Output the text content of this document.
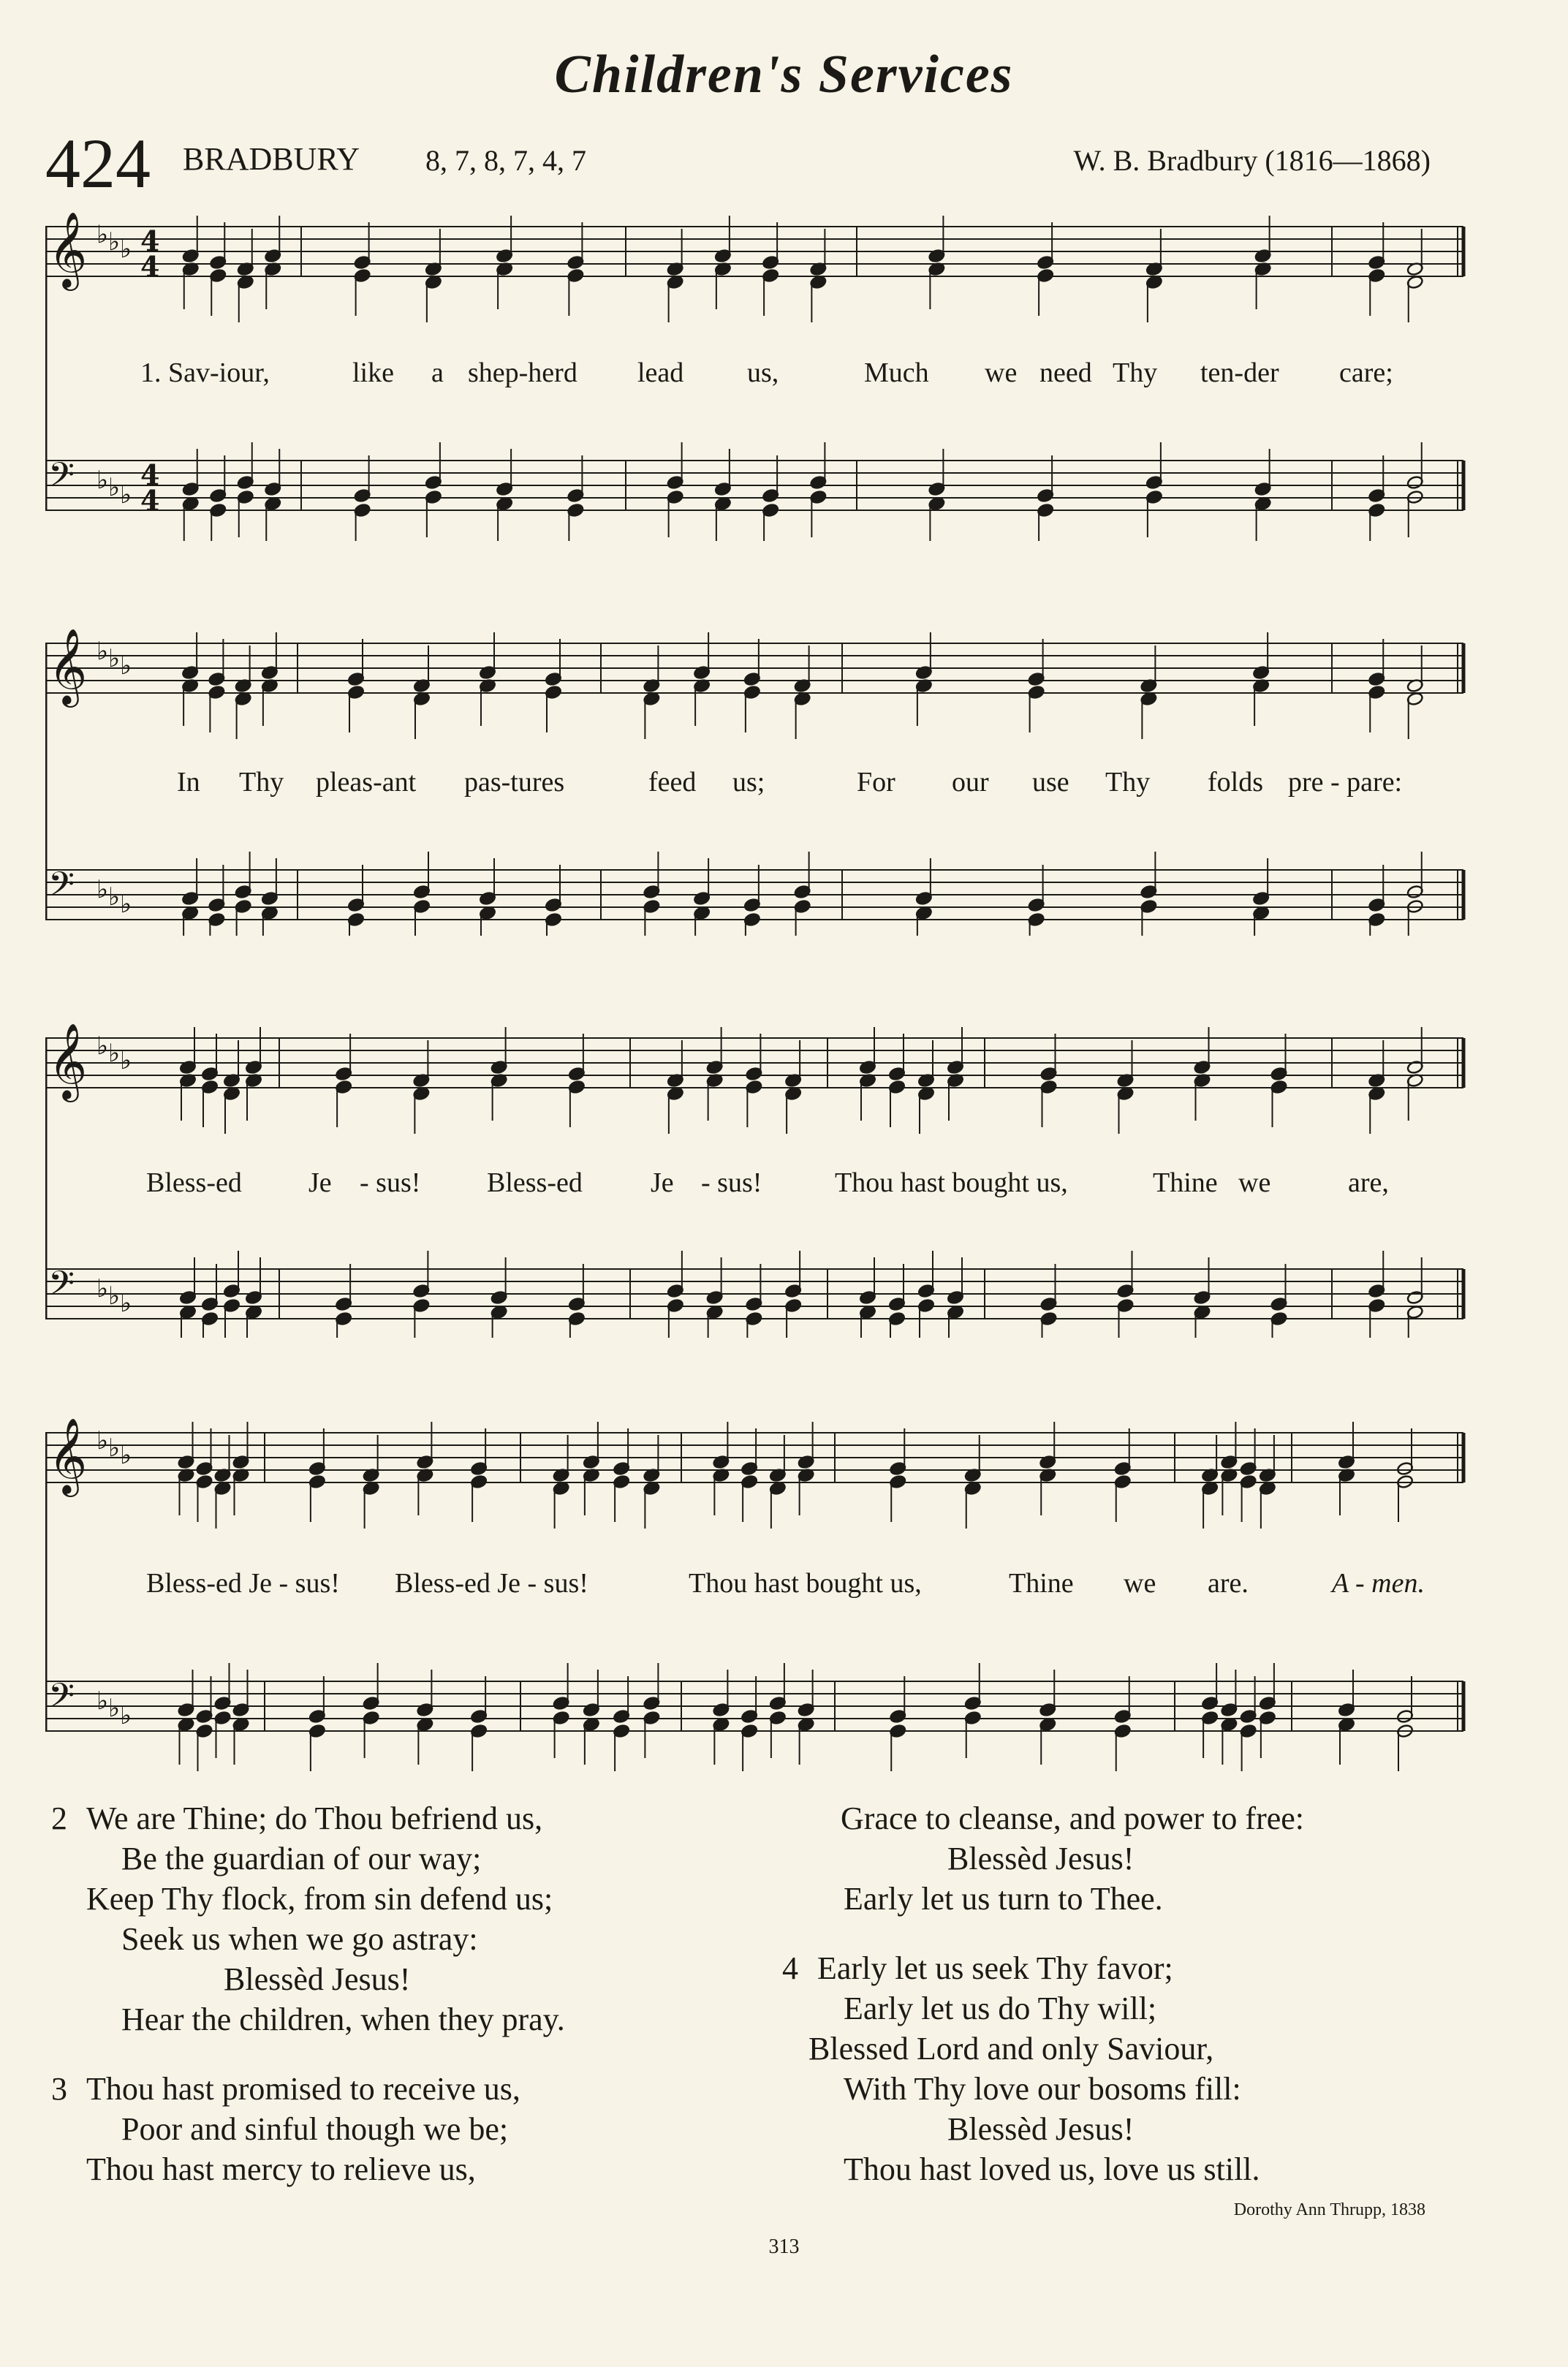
Children's Services
424 BRADBURY 8, 7, 8, 7, 4, 7	W. B. Bradbury (1816—1868)
𝄞 ♭ ♭ ♭ 4
4
𝄢 ♭ ♭ ♭
4
4
1. Sav-iour,	like a shep-herd lead us,	Much we need Thy ten-der care;
𝄞 ♭ ♭ ♭
𝄢 ♭ ♭ ♭
In Thy pleas-ant pas-tures	feed us;	For our use Thy folds pre - pare:
𝄞 ♭ ♭ ♭
𝄢 ♭ ♭ ♭
Bless-ed Je - sus! Bless-ed Je - sus!	Thou hast bought us,	Thine we	are,
𝄞 ♭ ♭ ♭
𝄢 ♭ ♭ ♭
Bless-ed Je - sus! Bless-ed Je - sus!	Thou hast bought us,	Thine we are.	A - men.
2 We are Thine; do Thou befriend us,
Be the guardian of our way;
Keep Thy flock, from sin defend us;
Seek us when we go astray:
Blessèd Jesus!
Hear the children, when they pray.
3 Thou hast promised to receive us,
Poor and sinful though we be;
Thou hast mercy to relieve us,
Grace to cleanse, and power to free:
Blessèd Jesus!
Early let us turn to Thee.
4 Early let us seek Thy favor;
Early let us do Thy will;
Blessed Lord and only Saviour,
With Thy love our bosoms fill:
Blessèd Jesus!
Thou hast loved us, love us still.
Dorothy Ann Thrupp, 1838
313
